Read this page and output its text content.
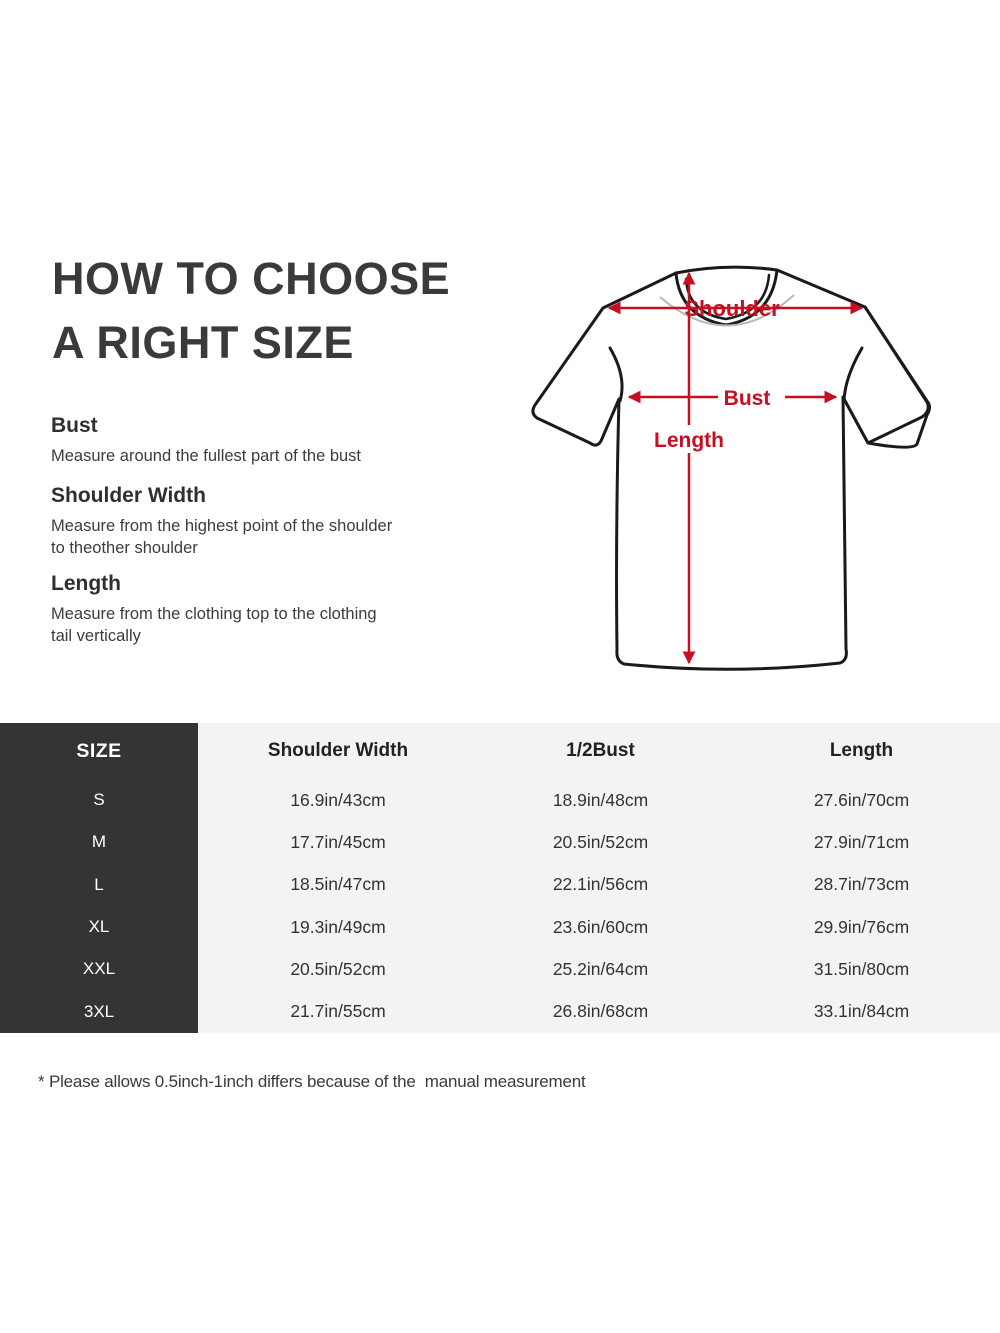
HOW TO CHOOSE
A RIGHT SIZE
Bust

Measure around the fullest part of the bust

Shoulder Width

Measure from the highest point of the shoulder to theother shoulder

Length

Measure from the clothing top to the clothing tail vertically

Shoulder
Bust
Length
SIZE	Shoulder Width	1/2Bust	Length
S	16.9in/43cm	18.9in/48cm	27.6in/70cm
M	17.7in/45cm	20.5in/52cm	27.9in/71cm
L	18.5in/47cm	22.1in/56cm	28.7in/73cm
XL	19.3in/49cm	23.6in/60cm	29.9in/76cm
XXL	20.5in/52cm	25.2in/64cm	31.5in/80cm
3XL	21.7in/55cm	26.8in/68cm	33.1in/84cm

* Please allows 0.5inch-1inch differs because of the  manual measurement
